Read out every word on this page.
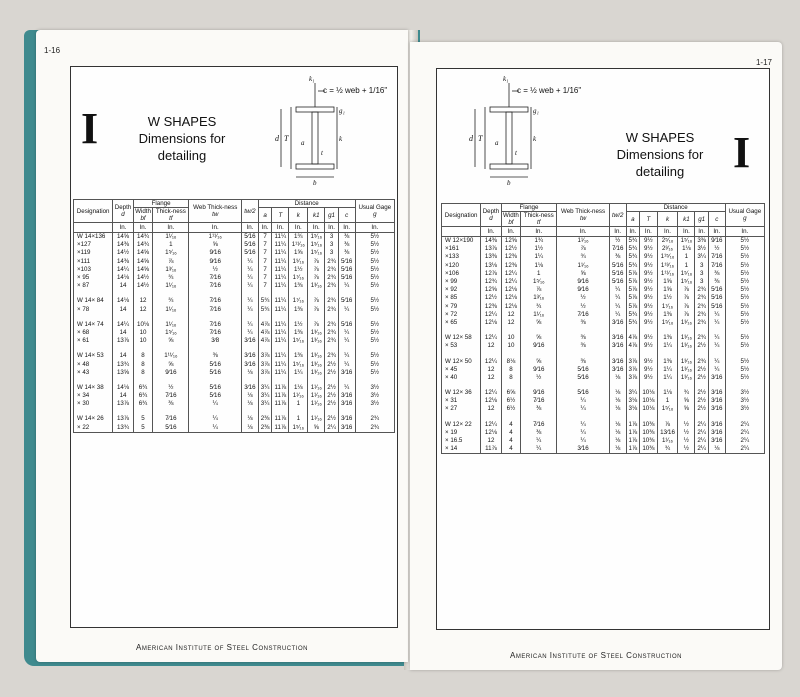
1-16
I	W SHAPES
Dimensions for detailing
c = ½ web + 1/16"
d T
b
a
g₁
k
t
k₁
Designation	Depth
d	Flange		Web Thick-ness
tw	tw/2	Distance						Usual Gage
g
		Width
bf	Thick-ness
tf			a	T	k	k1	g1	c	
	In.	In.	In.	In.	In.	In.	In.	In.	In.	In.	In.	In.
W 14×136	14⅝	14¾	1¹⁄₁₆	1¹¹⁄₁₆	5⁄16	7	11¼	1¾	1⁵⁄₁₆	3	⅜	5½
×127	14⅜	14¾	1	⅝	5⁄16	7	11¼	1¹¹⁄₁₆	1⁵⁄₁₆	3	⅜	5½
×119	14½	14⅝	1⁵⁄₁₆	9⁄16	5⁄16	7	11¼	1⅝	1⁵⁄₁₆	3	⅜	5½
×111	14⅜	14⅝	⅞	9⁄16	¼	7	11¼	1⁹⁄₁₆	⅞	2¾	5⁄16	5½
×103	14¼	14⅝	1³⁄₁₆	½	¼	7	11¼	1½	⅞	2¾	5⁄16	5½
× 95	14⅛	14½	¾	7⁄16	¼	7	11¼	1⁷⁄₁₆	⅞	2¾	5⁄16	5½
× 87	14	14½	1¹⁄₁₆	7⁄16	¼	7	11¼	1⅜	1³⁄₁₆	2¾	¼	5½

W 14× 84	14⅛	12	¾	7⁄16	¼	5¾	11¼	1⁷⁄₁₆	⅞	2¾	5⁄16	5½
× 78	14	12	1¹⁄₁₆	7⁄16	¼	5¾	11¼	1⅜	⅞	2¾	¼	5½

W 14× 74	14¼	10⅛	1¹⁄₁₆	7⁄16	¼	4⅞	11¼	1½	⅞	2¾	5⁄16	5½
× 68	14	10	1⁵⁄₁₆	7⁄16	¼	4⅞	11¼	1⅜	1³⁄₁₆	2¾	¼	5½
× 61	13⅞	10	⅝	3⁄8	3⁄16	4⅞	11¼	1⁵⁄₁₆	1³⁄₁₆	2¾	¼	5½

W 14× 53	14	8	1¹¹⁄₁₆	⅜	3⁄16	3⅞	11¼	1⅜	1³⁄₁₆	2¾	¼	5½
× 48	13¾	8	⅝	5⁄16	3⁄16	3⅞	11¼	1⁵⁄₁₆	1³⁄₁₆	2½	¼	5½
× 43	13⅝	8	9⁄16	5⁄16	⅛	3⅞	11¼	1¼	1³⁄₁₆	2½	3⁄16	5½

W 14× 38	14⅛	6¾	½	5⁄16	3⁄16	3¼	11⅞	1⅛	1¹⁄₁₆	2½	¼	3½
× 34	14	6¾	7⁄16	5⁄16	⅛	3¼	11⅞	1¹⁄₁₆	1¹⁄₁₆	2½	3⁄16	3½
× 30	13⅞	6¾	⅜	¼	⅛	3¼	11⅞	1	1¹⁄₁₆	2½	3⁄16	3½

W 14× 26	13⅞	5	7⁄16	¼	⅛	2⅜	11⅞	1	1¹⁄₁₆	2½	3⁄16	2¾
× 22	13¾	5	5⁄16	¼	⅛	2⅜	11⅞	1⁵⁄₁₆	⅝	2¼	3⁄16	2¾
American Institute of Steel Construction
1-17
c = ½ web + 1/16"
d T
b
a
g₁
k
t
k₁
W SHAPES
Dimensions for detailing	I
Designation	Depth
d	Flange		Web Thick-ness
tw	tw/2	Distance						Usual Gage
g
		Width
bf	Thick-ness
tf			a	T	k	k1	g1	c	
	In.	In.	In.	In.	In.	In.	In.	In.	In.	In.	In.	In.
W 12×190	14⅜	12⅝	1¾	1¹⁄₁₆	½	5¾	9½	2⁵⁄₁₆	1⁵⁄₁₆	3⅜	9⁄16	5½
×161	13⅞	12½	1½	⅞	7⁄16	5¾	9½	2³⁄₁₆	1⅛	3½	½	5½
×133	13⅜	12⅜	1¼	¾	⅜	5¾	9½	1¹⁵⁄₁₆	1	3¼	7⁄16	5½
×120	13⅛	12⅜	1⅛	1¹⁄₁₆	5⁄16	5¾	9½	1¹³⁄₁₆	1	3	7⁄16	5½
×106	12⅞	12¼	1	⅝	5⁄16	5⅞	9½	1¹¹⁄₁₆	1⁵⁄₁₆	3	⅜	5½
× 99	12¾	12¼	1⁵⁄₁₆	9⁄16	5⁄16	5⅞	9½	1⅝	1⁵⁄₁₆	3	⅜	5½
× 92	12⅝	12⅛	⅞	9⁄16	¼	5⅞	9½	1⅝	⅞	2¾	5⁄16	5½
× 85	12½	12⅛	1³⁄₁₆	½	¼	5⅞	9½	1½	⅞	2¾	5⁄16	5½
× 79	12⅜	12⅛	¾	½	¼	5⅞	9½	1⁷⁄₁₆	⅞	2¾	5⁄16	5½
× 72	12¼	12	1¹⁄₁₆	7⁄16	¼	5¾	9½	1⅜	⅞	2¾	¼	5½
× 65	12⅛	12	⅝	⅜	3⁄16	5¾	9½	1⁵⁄₁₆	1³⁄₁₆	2¾	¼	5½

W 12× 58	12¼	10	⅝	⅜	3⁄16	4⅞	9½	1⅜	1³⁄₁₆	2¾	¼	5½
× 53	12	10	9⁄16	⅜	3⁄16	4⅞	9½	1¼	1³⁄₁₆	2½	¼	5½

W 12× 50	12¼	8⅛	⅝	⅜	3⁄16	3⅞	9½	1⅜	1³⁄₁₆	2¾	¼	5½
× 45	12	8	9⁄16	5⁄16	3⁄16	3⅞	9½	1¼	1³⁄₁₆	2½	¼	5½
× 40	12	8	½	5⁄16	⅛	3⅞	9½	1¼	1³⁄₁₆	2½	3⁄16	5½

W 12× 36	12¼	6⅝	9⁄16	5⁄16	⅛	3¼	10⅛	1⅛	¾	2½	3⁄16	3½
× 31	12⅛	6½	7⁄16	¼	⅛	3⅛	10⅛	1	⅝	2½	3⁄16	3½
× 27	12	6½	⅜	¼	⅛	3⅛	10⅛	1⁵⁄₁₆	⅝	2½	3⁄16	3½

W 12× 22	12¼	4	7⁄16	¼	⅛	1⅞	10⅜	⅞	½	2¼	3⁄16	2¼
× 19	12⅛	4	⅜	¼	⅛	1⅞	10⅜	13⁄16	½	2¼	3⁄16	2¼
× 16.5	12	4	¼	¼	⅛	1⅞	10⅜	1¹⁄₁₆	½	2¼	3⁄16	2¼
× 14	11⅞	4	¼	3⁄16	⅛	1⅞	10⅜	¾	½	2¼	⅛	2¼
American Institute of Steel Construction
